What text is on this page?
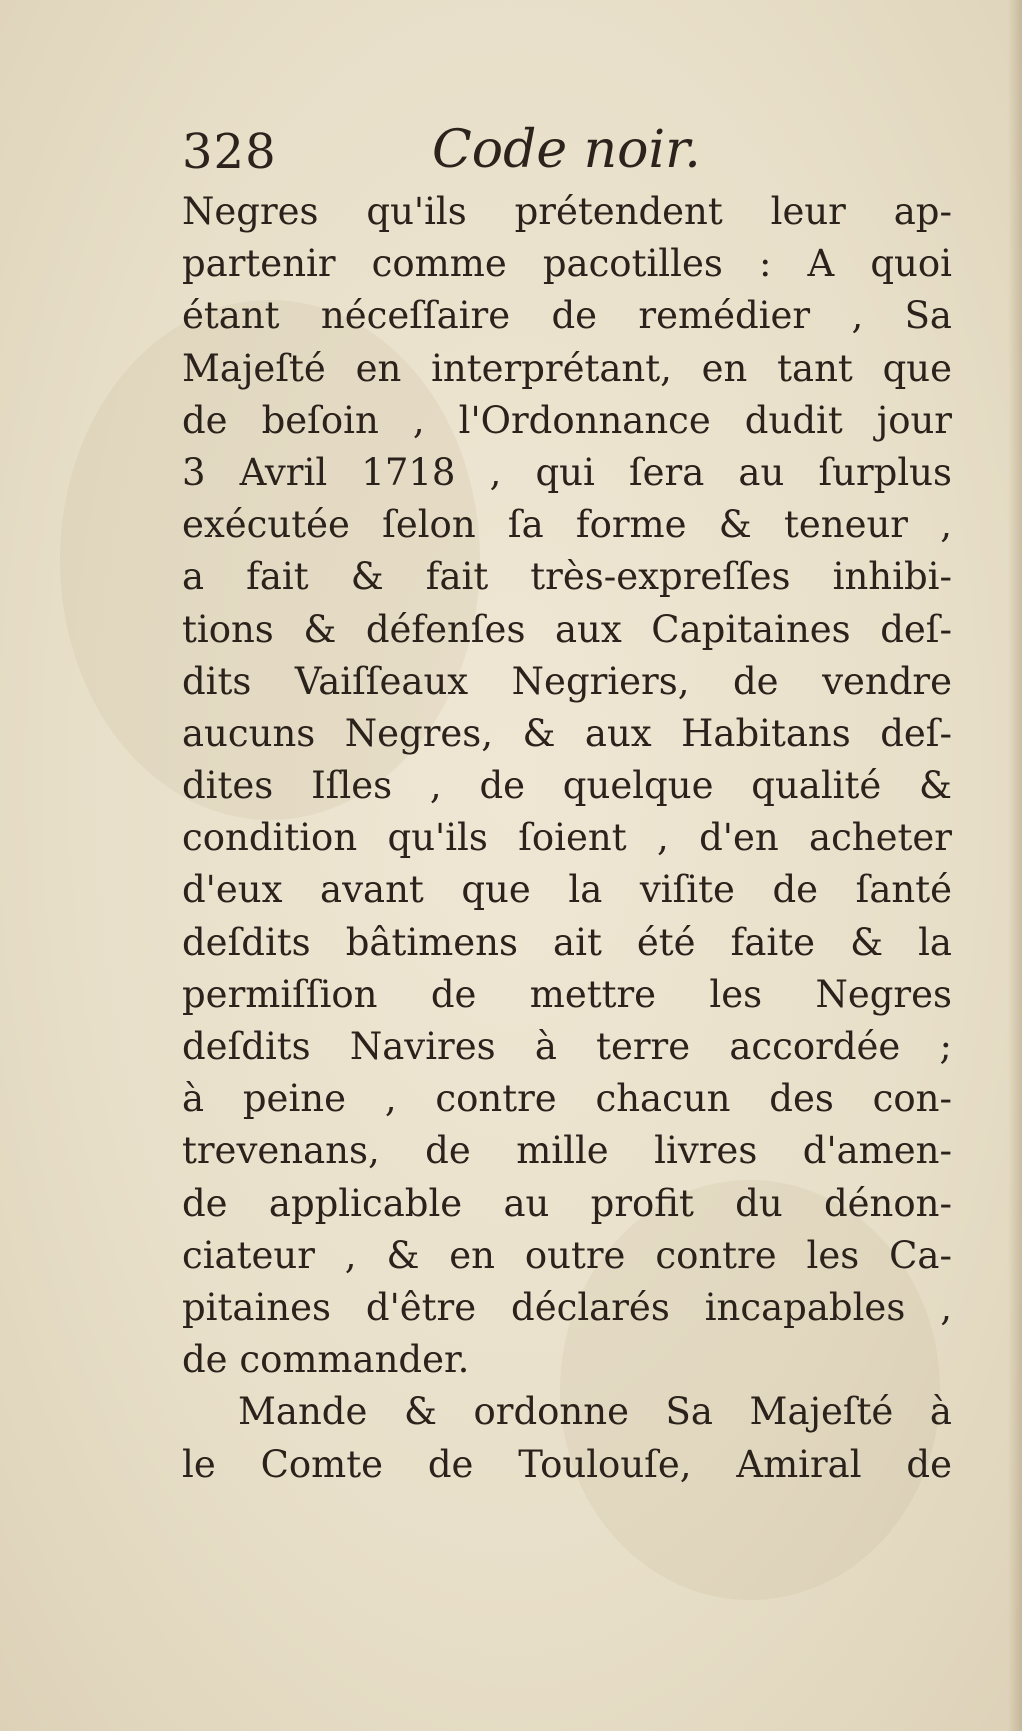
328	Code noir.
Negres qu'ils prétendent leur ap-
partenir comme pacotilles : A quoi
étant néceſſaire de remédier , Sa
Majeſté en interprétant, en tant que
de beſoin , l'Ordonnance dudit jour
3 Avril 1718 , qui ſera au ſurplus
exécutée ſelon ſa forme & teneur ,
a fait & fait très-expreſſes inhibi-
tions & défenſes aux Capitaines deſ-
dits Vaiſſeaux Negriers, de vendre
aucuns Negres, & aux Habitans deſ-
dites Iſles , de quelque qualité &
condition qu'ils ſoient , d'en acheter
d'eux avant que la viſite de ſanté
deſdits bâtimens ait été faite & la
permiſſion de mettre les Negres
deſdits Navires à terre accordée ;
à peine , contre chacun des con-
trevenans, de mille livres d'amen-
de applicable au profit du dénon-
ciateur , & en outre contre les Ca-
pitaines d'être déclarés incapables ,
de commander.
Mande & ordonne Sa Majeſté à
le Comte de Toulouſe, Amiral de
